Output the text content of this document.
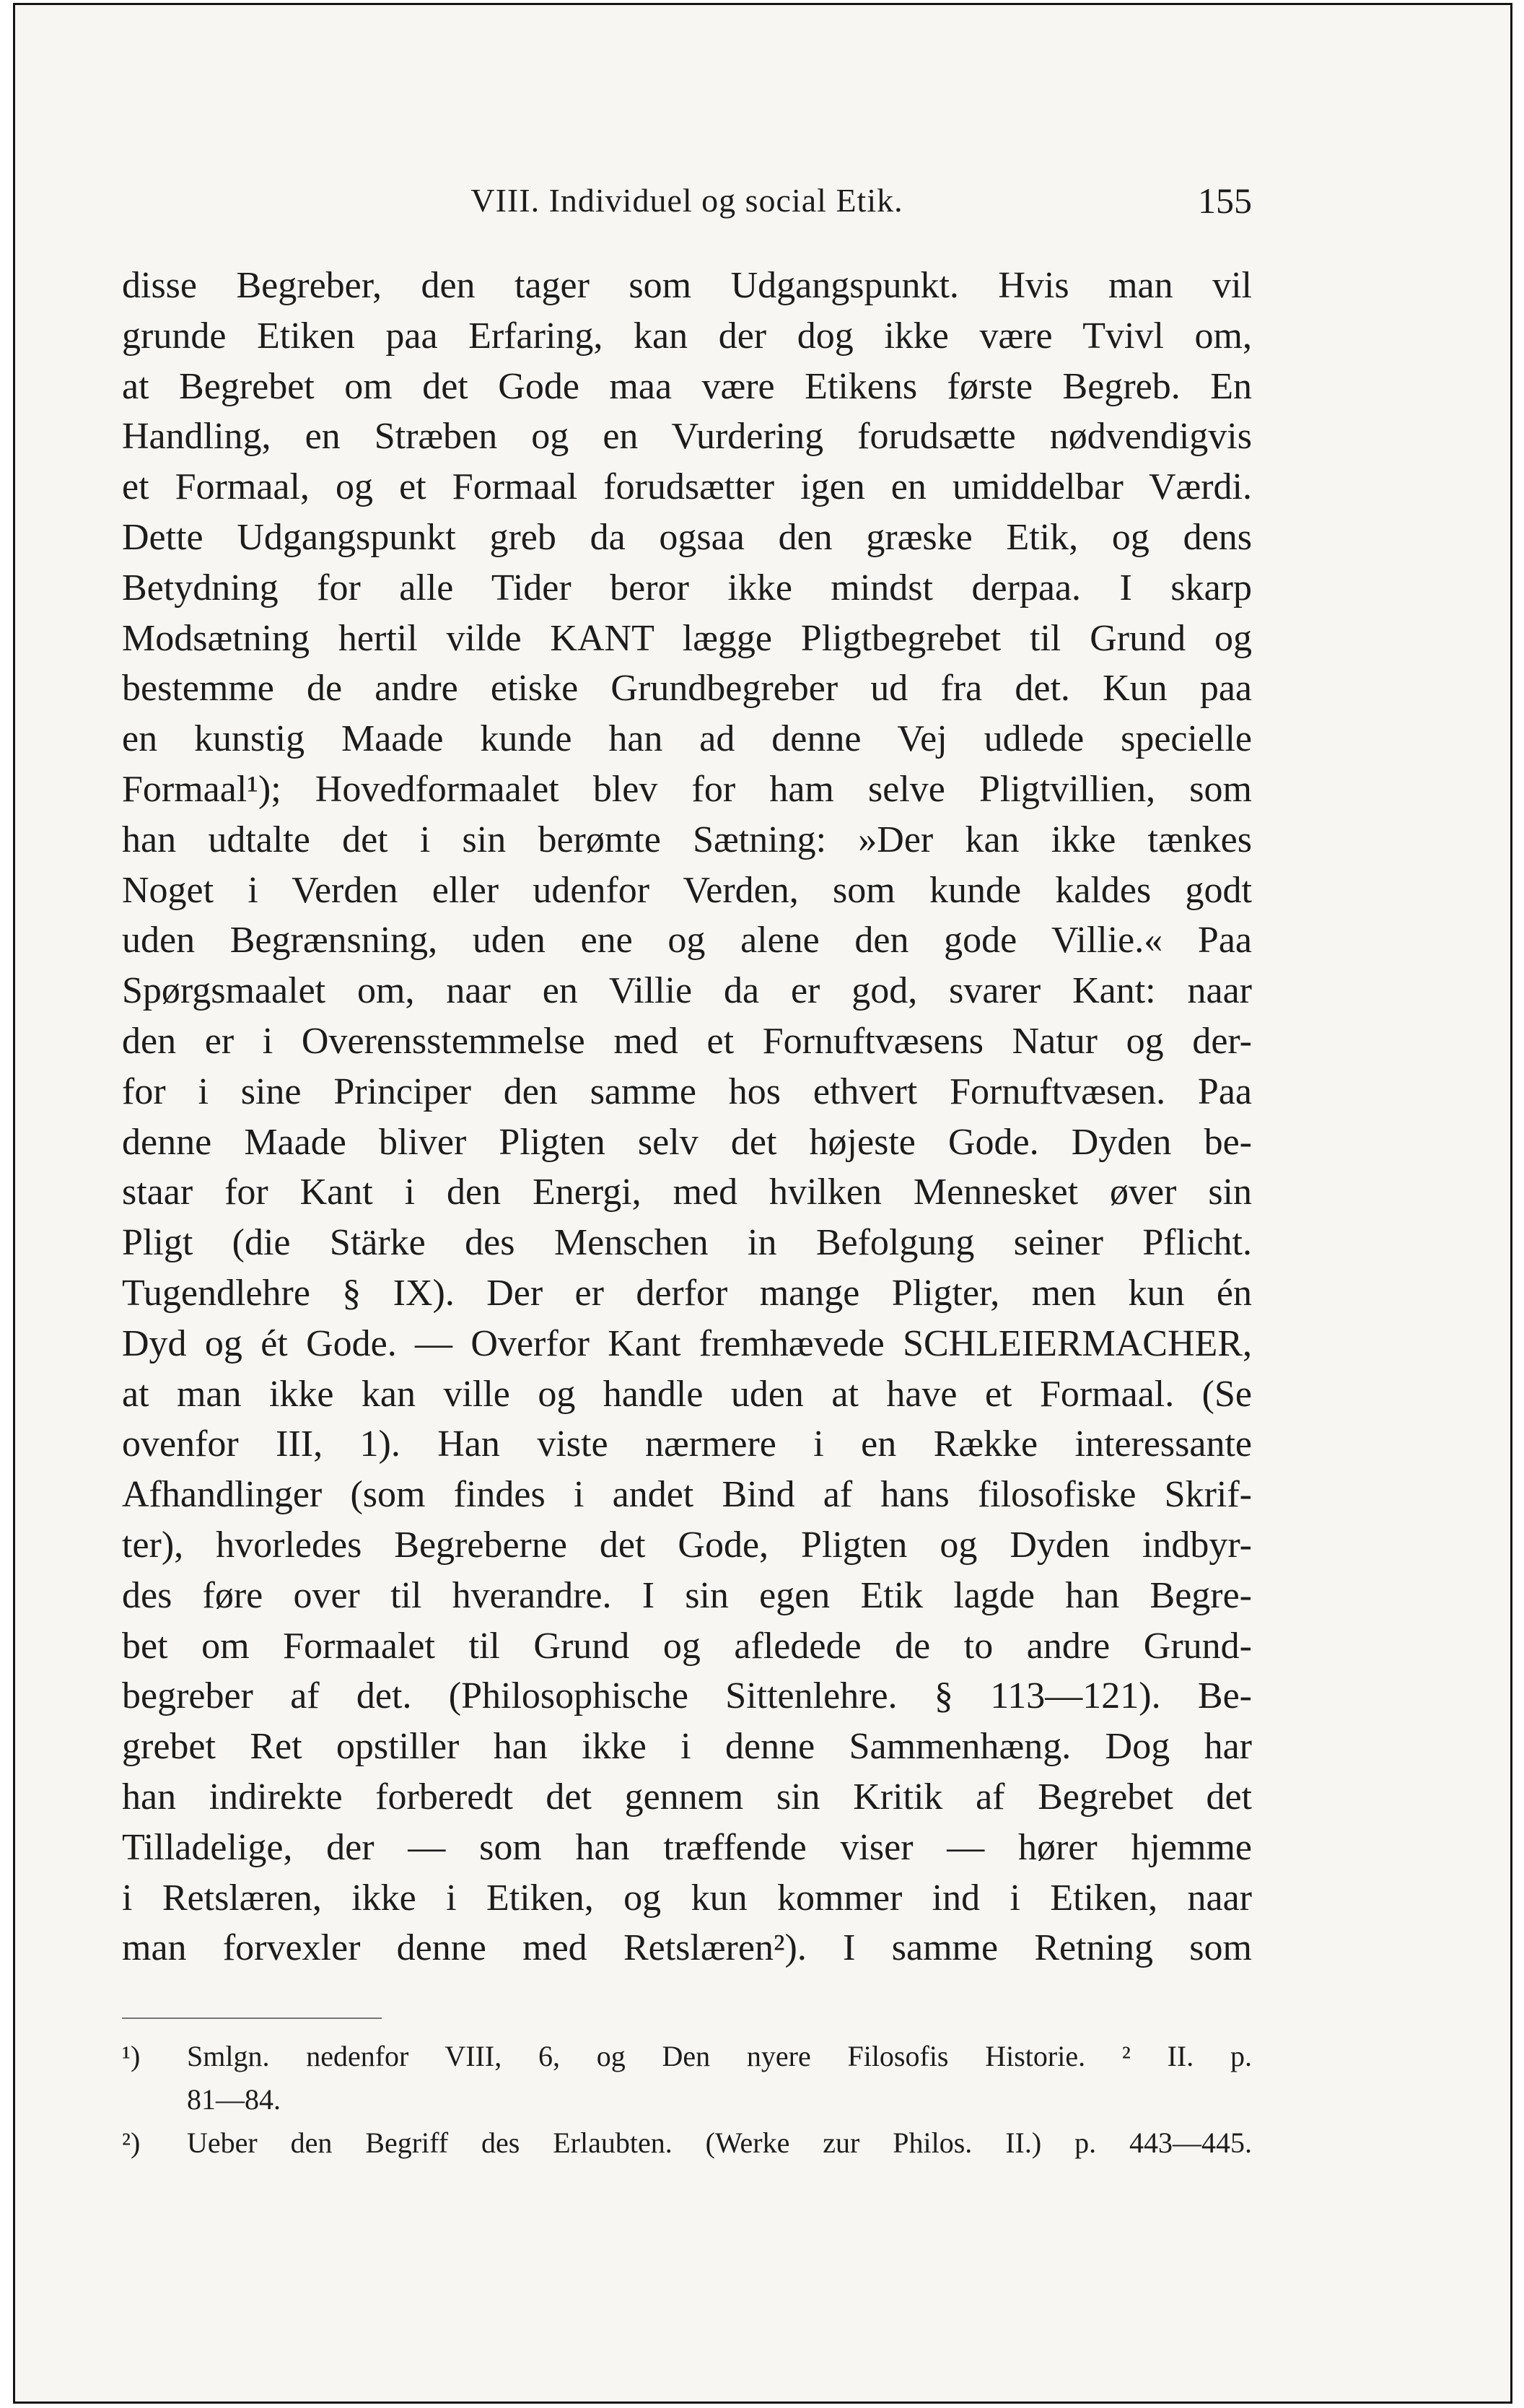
VIII. Individuel og social Etik.	155
disse Begreber, den tager som Udgangspunkt. Hvis man vil
grunde Etiken paa Erfaring, kan der dog ikke være Tvivl om,
at Begrebet om det Gode maa være Etikens første Begreb. En
Handling, en Stræben og en Vurdering forudsætte nødvendigvis
et Formaal, og et Formaal forudsætter igen en umiddelbar Værdi.
Dette Udgangspunkt greb da ogsaa den græske Etik, og dens
Betydning for alle Tider beror ikke mindst derpaa. I skarp
Modsætning hertil vilde KANT lægge Pligtbegrebet til Grund og
bestemme de andre etiske Grundbegreber ud fra det. Kun paa
en kunstig Maade kunde han ad denne Vej udlede specielle
Formaal¹); Hovedformaalet blev for ham selve Pligtvillien, som
han udtalte det i sin berømte Sætning: »Der kan ikke tænkes
Noget i Verden eller udenfor Verden, som kunde kaldes godt
uden Begrænsning, uden ene og alene den gode Villie.« Paa
Spørgsmaalet om, naar en Villie da er god, svarer Kant: naar
den er i Overensstemmelse med et Fornuftvæsens Natur og der-
for i sine Principer den samme hos ethvert Fornuftvæsen. Paa
denne Maade bliver Pligten selv det højeste Gode. Dyden be-
staar for Kant i den Energi, med hvilken Mennesket øver sin
Pligt (die Stärke des Menschen in Befolgung seiner Pflicht.
Tugendlehre § IX). Der er derfor mange Pligter, men kun én
Dyd og ét Gode. — Overfor Kant fremhævede SCHLEIERMACHER,
at man ikke kan ville og handle uden at have et Formaal. (Se
ovenfor III, 1). Han viste nærmere i en Række interessante
Afhandlinger (som findes i andet Bind af hans filosofiske Skrif-
ter), hvorledes Begreberne det Gode, Pligten og Dyden indbyr-
des føre over til hverandre. I sin egen Etik lagde han Begre-
bet om Formaalet til Grund og afledede de to andre Grund-
begreber af det. (Philosophische Sittenlehre. § 113—121). Be-
grebet Ret opstiller han ikke i denne Sammenhæng. Dog har
han indirekte forberedt det gennem sin Kritik af Begrebet det
Tilladelige, der — som han træffende viser — hører hjemme
i Retslæren, ikke i Etiken, og kun kommer ind i Etiken, naar
man forvexler denne med Retslæren²). I samme Retning som
¹)	Smlgn. nedenfor VIII, 6, og Den nyere Filosofis Historie. ² II. p.
81—84.
²)	Ueber den Begriff des Erlaubten. (Werke zur Philos. II.) p. 443—445.
